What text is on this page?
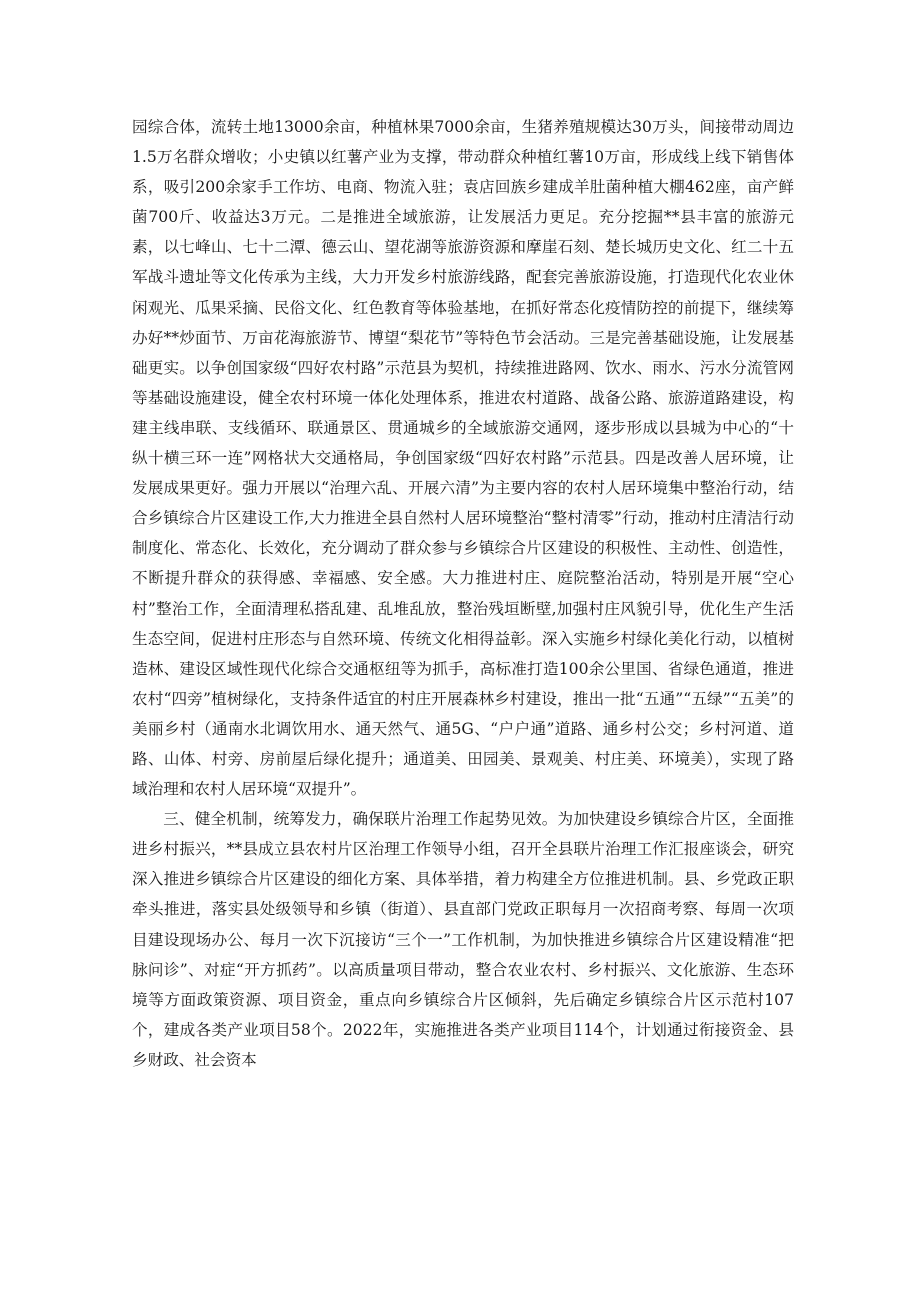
园综合体，流转土地13000余亩，种植林果7000余亩，生猪养殖规模达30万头，间接带动周边1.5万名群众增收；小史镇以红薯产业为支撑，带动群众种植红薯10万亩，形成线上线下销售体系，吸引200余家手工作坊、电商、物流入驻；袁店回族乡建成羊肚菌种植大棚462座，亩产鲜菌700斤、收益达3万元。二是推进全域旅游，让发展活力更足。充分挖掘**县丰富的旅游元素，以七峰山、七十二潭、德云山、望花湖等旅游资源和摩崖石刻、楚长城历史文化、红二十五军战斗遗址等文化传承为主线，大力开发乡村旅游线路，配套完善旅游设施，打造现代化农业休闲观光、瓜果采摘、民俗文化、红色教育等体验基地，在抓好常态化疫情防控的前提下，继续筹办好**炒面节、万亩花海旅游节、博望“梨花节”等特色节会活动。三是完善基础设施，让发展基础更实。以争创国家级“四好农村路”示范县为契机，持续推进路网、饮水、雨水、污水分流管网等基础设施建设，健全农村环境一体化处理体系，推进农村道路、战备公路、旅游道路建设，构建主线串联、支线循环、联通景区、贯通城乡的全域旅游交通网，逐步形成以县城为中心的“十纵十横三环一连”网格状大交通格局，争创国家级“四好农村路”示范县。四是改善人居环境，让发展成果更好。强力开展以“治理六乱、开展六清”为主要内容的农村人居环境集中整治行动，结合乡镇综合片区建设工作,大力推进全县自然村人居环境整治“整村清零”行动，推动村庄清洁行动制度化、常态化、长效化，充分调动了群众参与乡镇综合片区建设的积极性、主动性、创造性，不断提升群众的获得感、幸福感、安全感。大力推进村庄、庭院整治活动，特别是开展“空心村”整治工作，全面清理私搭乱建、乱堆乱放，整治残垣断壁,加强村庄风貌引导，优化生产生活生态空间，促进村庄形态与自然环境、传统文化相得益彰。深入实施乡村绿化美化行动，以植树造林、建设区域性现代化综合交通枢纽等为抓手，高标准打造100余公里国、省绿色通道，推进农村“四旁”植树绿化，支持条件适宜的村庄开展森林乡村建设，推出一批“五通”“五绿”“五美”的美丽乡村（通南水北调饮用水、通天然气、通5G、“户户通”道路、通乡村公交；乡村河道、道路、山体、村旁、房前屋后绿化提升；通道美、田园美、景观美、村庄美、环境美），实现了路域治理和农村人居环境“双提升”。

三、健全机制，统筹发力，确保联片治理工作起势见效。为加快建设乡镇综合片区，全面推进乡村振兴，**县成立县农村片区治理工作领导小组，召开全县联片治理工作汇报座谈会，研究深入推进乡镇综合片区建设的细化方案、具体举措，着力构建全方位推进机制。县、乡党政正职牵头推进，落实县处级领导和乡镇（街道）、县直部门党政正职每月一次招商考察、每周一次项目建设现场办公、每月一次下沉接访“三个一”工作机制，为加快推进乡镇综合片区建设精准“把脉问诊”、对症“开方抓药”。以高质量项目带动，整合农业农村、乡村振兴、文化旅游、生态环境等方面政策资源、项目资金，重点向乡镇综合片区倾斜，先后确定乡镇综合片区示范村107个，建成各类产业项目58个。2022年，实施推进各类产业项目114个，计划通过衔接资金、县乡财政、社会资本
